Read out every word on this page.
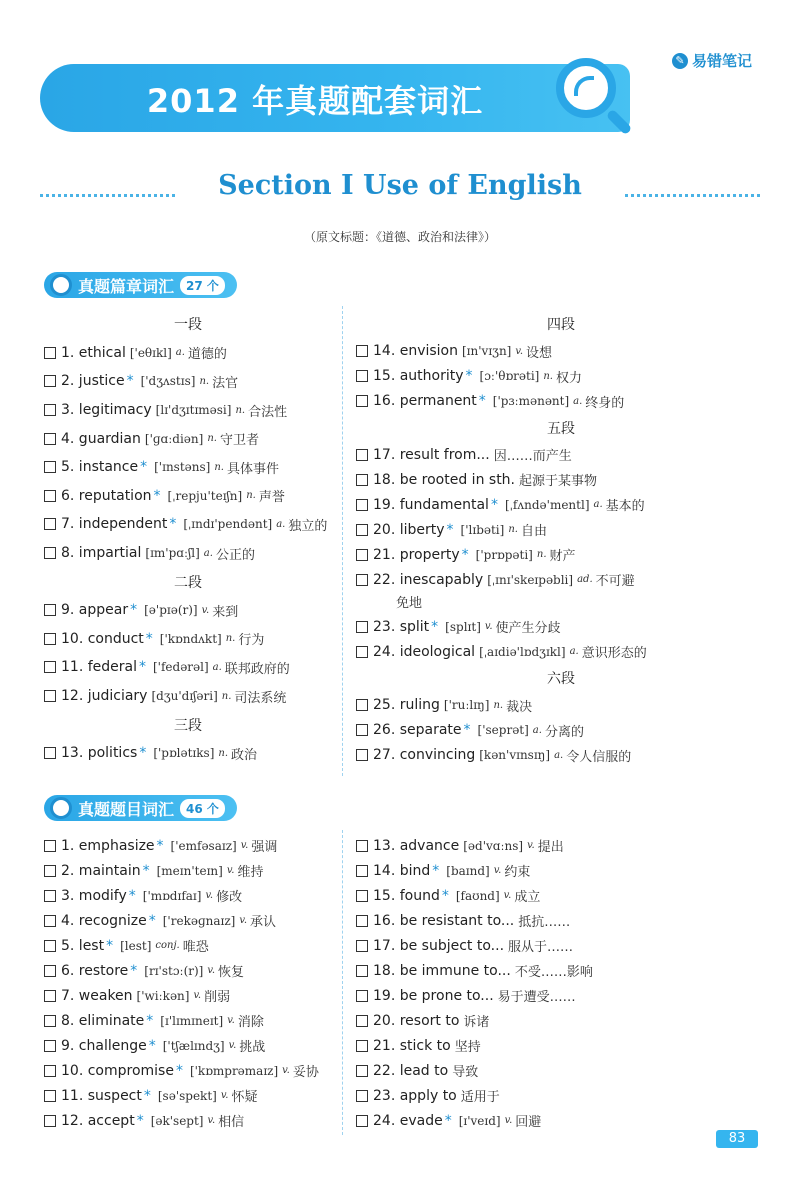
✎ 易错笔记
2012 年真题配套词汇
Section Ⅰ Use of English
（原文标题：《道德、政治和法律》）
真题篇章词汇	27 个
一段
1. ethical ['eθɪkl] a. 道德的
2. justice * ['dʒʌstɪs] n. 法官
3. legitimacy [lɪ'dʒɪtɪməsi] n. 合法性
4. guardian ['ɡɑːdiən] n. 守卫者
5. instance * ['ɪnstəns] n. 具体事件
6. reputation * [ˌrepju'teɪʃn] n. 声誉
7. independent * [ˌɪndɪ'pendənt] a. 独立的
8. impartial [ɪm'pɑːʃl] a. 公正的
二段
9. appear * [ə'pɪə(r)] v. 来到
10. conduct * ['kɒndʌkt] n. 行为
11. federal * ['fedərəl] a. 联邦政府的
12. judiciary [dʒu'dɪʃəri] n. 司法系统
三段
13. politics * ['pɒlətɪks] n. 政治
四段
14. envision [ɪn'vɪʒn] v. 设想
15. authority * [ɔː'θɒrəti] n. 权力
16. permanent * ['pɜːmənənt] a. 终身的
五段
17. result from... 因……而产生
18. be rooted in sth. 起源于某事物
19. fundamental * [ˌfʌndə'mentl] a. 基本的
20. liberty * ['lɪbəti] n. 自由
21. property * ['prɒpəti] n. 财产
22. inescapably [ˌɪnɪ'skeɪpəbli] ad. 不可避
免地
23. split * [splɪt] v. 使产生分歧
24. ideological [ˌaɪdiə'lɒdʒɪkl] a. 意识形态的
六段
25. ruling ['ruːlɪŋ] n. 裁决
26. separate * ['seprət] a. 分离的
27. convincing [kən'vɪnsɪŋ] a. 令人信服的
真题题目词汇	46 个
1. emphasize * ['emfəsaɪz] v. 强调
2. maintain * [meɪn'teɪn] v. 维持
3. modify * ['mɒdɪfaɪ] v. 修改
4. recognize * ['rekəɡnaɪz] v. 承认
5. lest * [lest] conj. 唯恐
6. restore * [rɪ'stɔː(r)] v. 恢复
7. weaken ['wiːkən] v. 削弱
8. eliminate * [ɪ'lɪmɪneɪt] v. 消除
9. challenge * ['tʃælɪndʒ] v. 挑战
10. compromise * ['kɒmprəmaɪz] v. 妥协
11. suspect * [sə'spekt] v. 怀疑
12. accept * [ək'sept] v. 相信
13. advance [əd'vɑːns] v. 提出
14. bind * [baɪnd] v. 约束
15. found * [faʊnd] v. 成立
16. be resistant to... 抵抗……
17. be subject to... 服从于……
18. be immune to... 不受……影响
19. be prone to... 易于遭受……
20. resort to 诉诸
21. stick to 坚持
22. lead to 导致
23. apply to 适用于
24. evade * [ɪ'veɪd] v. 回避
83
